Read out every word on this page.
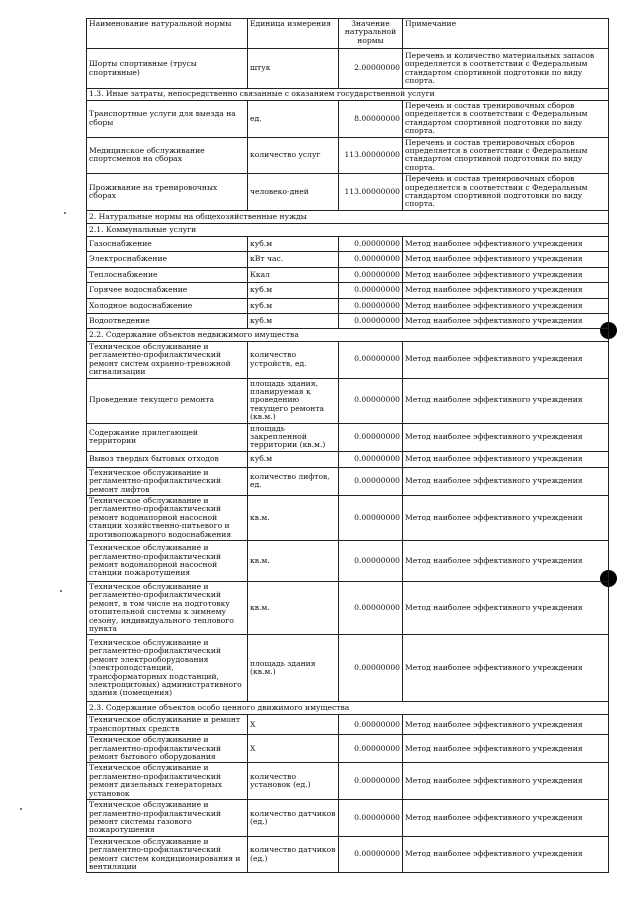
Наименование натуральной нормы	Единица измерения	Значение натуральной нормы	Примечание
Шорты спортивные (трусы спортивные)	штук	2.00000000	Перечень и количество материальных запасов определяется в соответствии с Федеральным стандартом спортивной подготовки по виду спорта.
1.3. Иные затраты, непосредственно связанные с оказанием государственной услуги			
Транспортные услуги для выезда на сборы	ед.	8.00000000	Перечень и состав тренировочных сборов определяется в соответствии с Федеральным стандартом спортивной подготовки по виду спорта.
Медицинское обслуживание спортсменов на сборах	количество услуг	113.00000000	Перечень и состав тренировочных сборов определяется в соответствии с Федеральным стандартом спортивной подготовки по виду спорта.
Проживание на тренировочных сборах	человеко-дней	113.00000000	Перечень и состав тренировочных сборов определяется в соответствии с Федеральным стандартом спортивной подготовки по виду спорта.
2. Натуральные нормы на общехозяйственные нужды			
2.1. Коммунальные услуги			
Газоснабжение	куб.м	0.00000000	Метод наиболее эффективного учреждения
Электроснабжение	кВт час.	0.00000000	Метод наиболее эффективного учреждения
Теплоснабжение	Ккал	0.00000000	Метод наиболее эффективного учреждения
Горячее водоснабжение	куб.м	0.00000000	Метод наиболее эффективного учреждения
Холодное водоснабжение	куб.м	0.00000000	Метод наиболее эффективного учреждения
Водоотведение	куб.м	0.00000000	Метод наиболее эффективного учреждения
2.2. Содержание объектов недвижимого имущества			
Техническое обслуживание и регламентно-профилактический ремонт систем охранно-тревожной сигнализации	количество устройств, ед.	0.00000000	Метод наиболее эффективного учреждения
Проведение текущего ремонта	площадь здания, планируемая к проведению текущего ремонта (кв.м.)	0.00000000	Метод наиболее эффективного учреждения
Содержание прилегающей территории	площадь закрепленной территории (кв.м.)	0.00000000	Метод наиболее эффективного учреждения
Вывоз твердых бытовых отходов	куб.м	0.00000000	Метод наиболее эффективного учреждения
Техническое обслуживание и регламентно-профилактический ремонт лифтов	количество лифтов, ед.	0.00000000	Метод наиболее эффективного учреждения
Техническое обслуживание и регламентно-профилактический ремонт водонапорной насосной станции хозяйственно-питьевого и противопожарного водоснабжения	кв.м.	0.00000000	Метод наиболее эффективного учреждения
Техническое обслуживание и регламентно-профилактический ремонт водонапорной насосной станции пожаротушения	кв.м.	0.00000000	Метод наиболее эффективного учреждения
Техническое обслуживание и регламентно-профилактический ремонт, в том числе на подготовку отопительной системы к зимнему сезону, индивидуального теплового пункта	кв.м.	0.00000000	Метод наиболее эффективного учреждения
Техническое обслуживание и регламентно-профилактический ремонт электрооборудования (электроподстанций, трансформаторных подстанций, электрощитовых) административного здания (помещения)	площадь здания (кв.м.)	0.00000000	Метод наиболее эффективного учреждения
2.3. Содержание объектов особо ценного движимого имущества			
Техническое обслуживание и ремонт транспортных средств	Х	0.00000000	Метод наиболее эффективного учреждения
Техническое обслуживание и регламентно-профилактический ремонт бытового оборудования	Х	0.00000000	Метод наиболее эффективного учреждения
Техническое обслуживание и регламентно-профилактический ремонт дизельных генераторных установок	количество установок (ед.)	0.00000000	Метод наиболее эффективного учреждения
Техническое обслуживание и регламентно-профилактический ремонт системы газового пожаротушения	количество датчиков (ед.)	0.00000000	Метод наиболее эффективного учреждения
Техническое обслуживание и регламентно-профилактический ремонт систем кондиционирования и вентиляции	количество датчиков (ед.)	0.00000000	Метод наиболее эффективного учреждения
